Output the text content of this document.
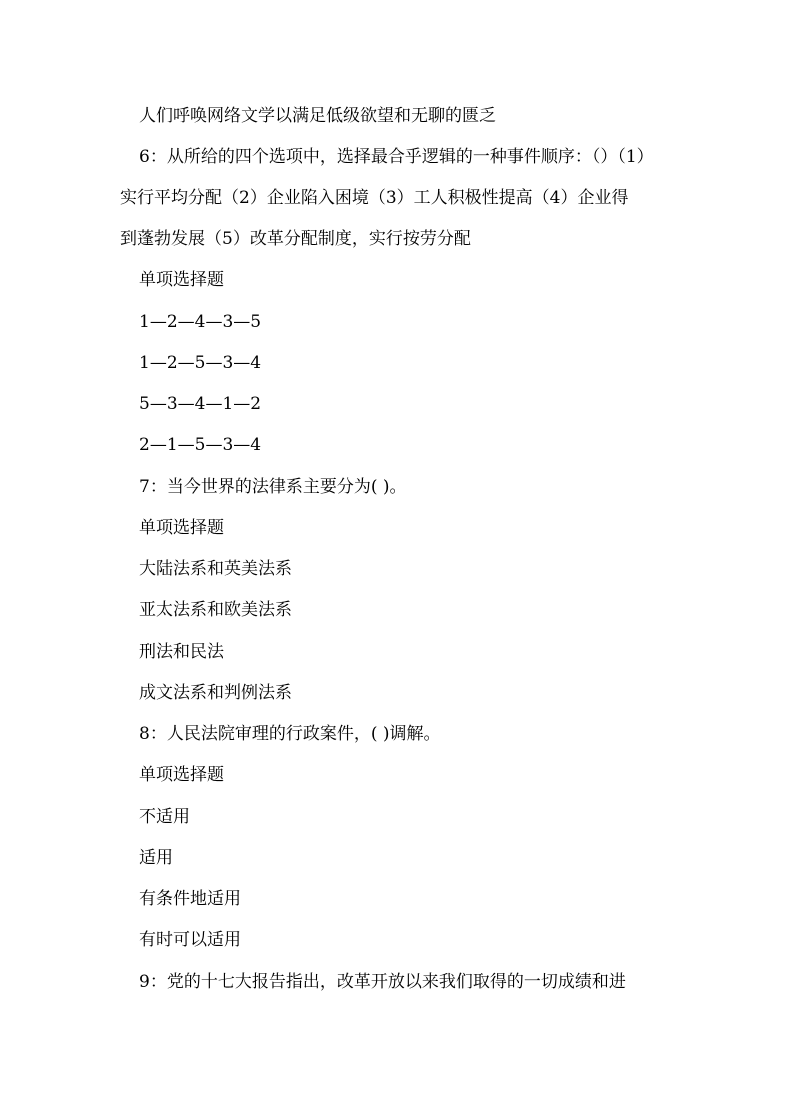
人们呼唤网络文学以满足低级欲望和无聊的匮乏
6：从所给的四个选项中，选择最合乎逻辑的一种事件顺序：（）（1）
实行平均分配（2）企业陷入困境（3）工人积极性提高（4）企业得
到蓬勃发展（5）改革分配制度，实行按劳分配
单项选择题
1—2—4—3—5
1—2—5—3—4
5—3—4—1—2
2—1—5—3—4
7：当今世界的法律系主要分为( )。
单项选择题
大陆法系和英美法系
亚太法系和欧美法系
刑法和民法
成文法系和判例法系
8：人民法院审理的行政案件，( )调解。
单项选择题
不适用
适用
有条件地适用
有时可以适用
9：党的十七大报告指出，改革开放以来我们取得的一切成绩和进
